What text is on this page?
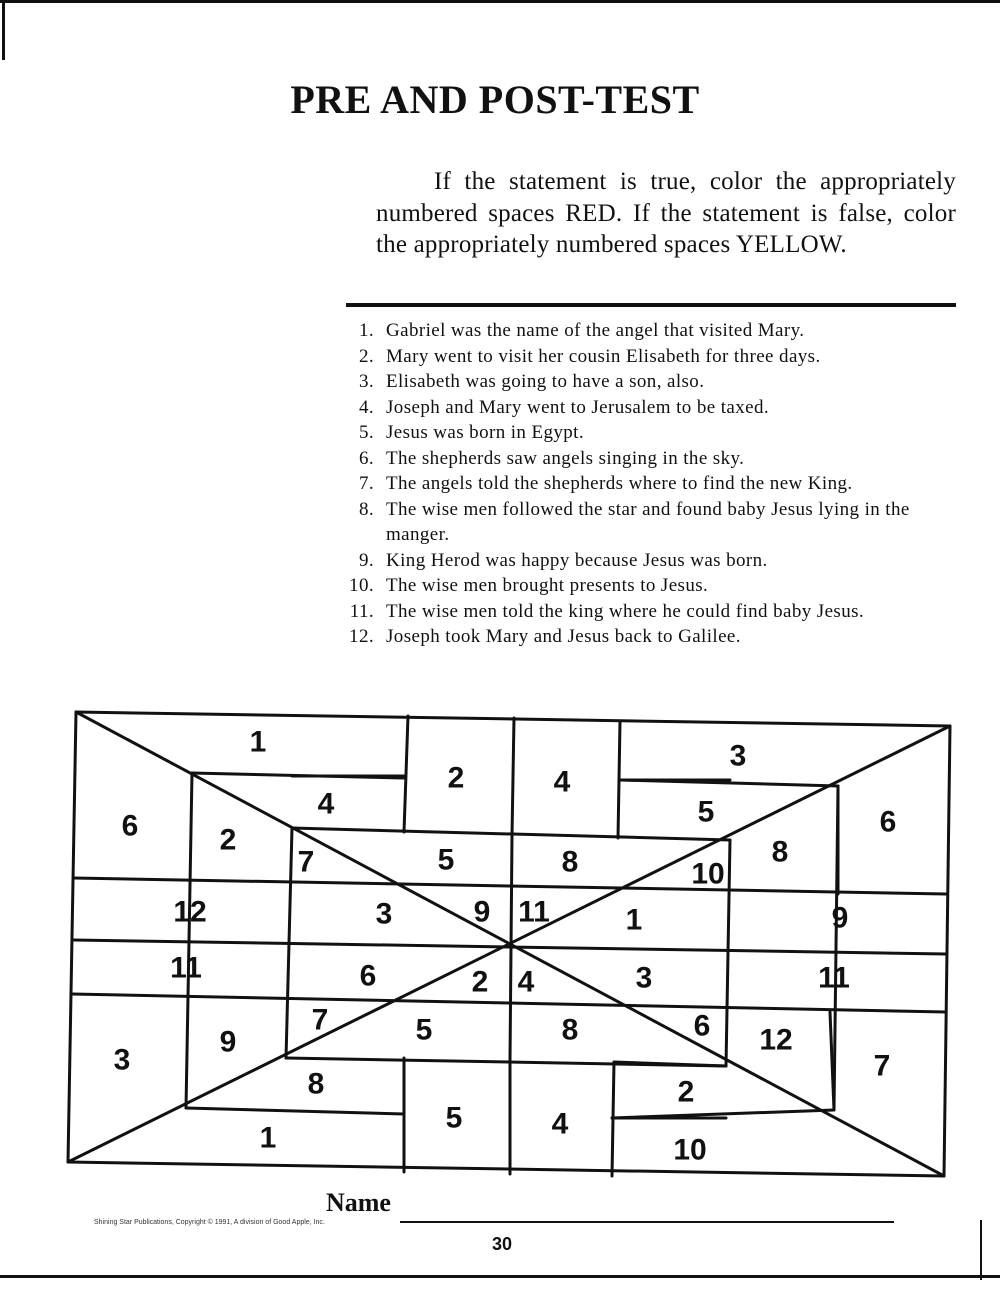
PRE AND POST-TEST
If the statement is true, color the appropriately numbered spaces RED. If the statement is false, color the appropriately numbered spaces YELLOW.
1. Gabriel was the name of the angel that visited Mary.
2. Mary went to visit her cousin Elisabeth for three days.
3. Elisabeth was going to have a son, also.
4. Joseph and Mary went to Jerusalem to be taxed.
5. Jesus was born in Egypt.
6. The shepherds saw angels singing in the sky.
7. The angels told the shepherds where to find the new King.
8. The wise men followed the star and found baby Jesus lying in the manger.
9. King Herod was happy because Jesus was born.
10. The wise men brought presents to Jesus.
11. The wise men told the king where he could find baby Jesus.
12. Joseph took Mary and Jesus back to Galilee.
1
2	4
3
4	5
6	2
6
7	5	8	10
8
12	3	9 11	1	9
11	6	2 4	3	11
3
9
7	5	8	6 12
7
8	2
5	4
1	10
Name
Shining Star Publications, Copyright © 1991, A division of Good Apple, Inc.
30
